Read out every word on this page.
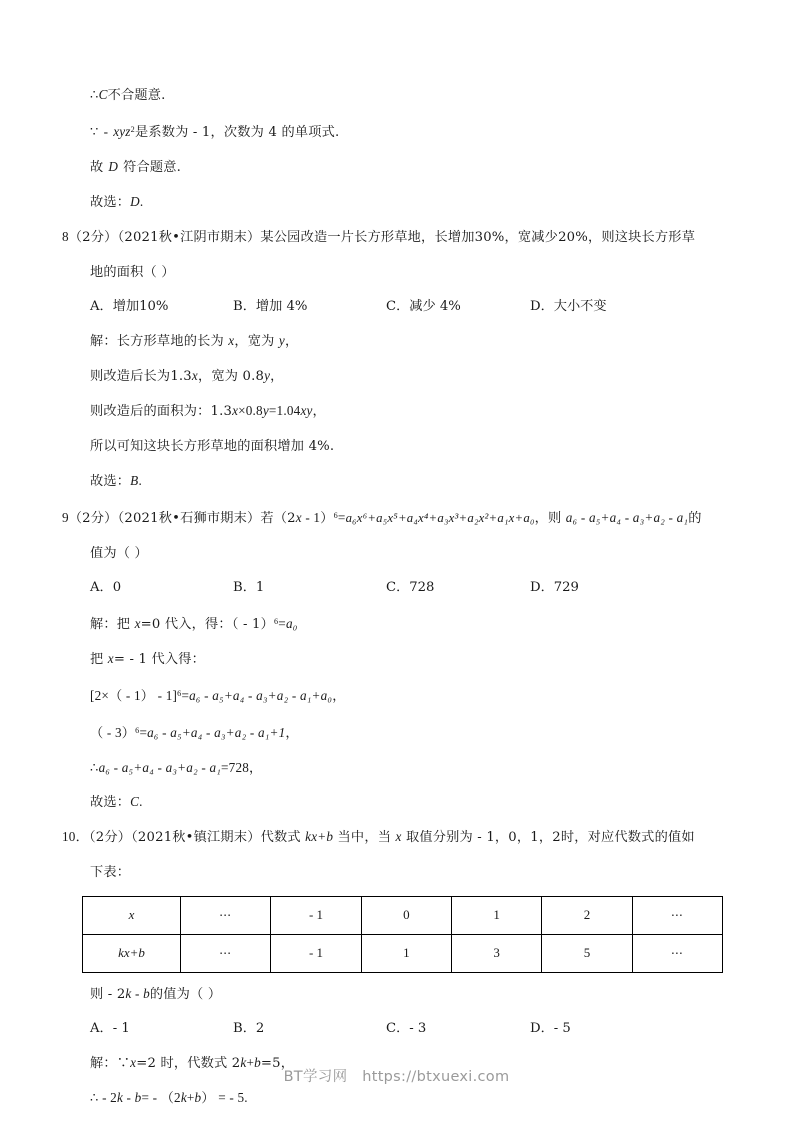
∴C不合题意.
∵ - xyz$^2$是系数为 - 1，次数为 4 的单项式.
故 D 符合题意.
故选：D.
8（2分）（2021秋•江阴市期末）某公园改造一片长方形草地，长增加30%，宽减少20%，则这块长方形草
地的面积（ ）
A．增加10%	B．增加 4%	C．减少 4%	D．大小不变
解：长方形草地的长为 x，宽为 y，
则改造后长为1.3x，宽为 0.8y，
则改造后的面积为：1.3x×0.8y=1.04xy，
所以可知这块长方形草地的面积增加 4%.
故选：B.
9（2分）（2021秋•石狮市期末）若（2x - 1）$^6$=a₆x⁶+a₅x⁵+a₄x⁴+a₃x³+a₂x²+a₁x+a₀，则 a₆ - a₅+a₄ - a₃+a₂ - a₁的
值为（ ）
A．0	B．1	C．728	D．729
解：把 x=0 代入，得：（ - 1）$^6$=a₀
把 x= - 1 代入得：
$[2\times( - 1) - 1]^6=a_6 - a_5+a_4 - a_3+a_2 - a_1+a_0$，
（ - 3）$^6$=a₆ - a₅+a₄ - a₃+a₂ - a₁+1，
∴a₆ - a₅+a₄ - a₃+a₂ - a₁=728，
故选：C.
10．（2分）（2021秋•镇江期末）代数式 kx+b 当中，当 x 取值分别为 - 1，0，1，2时，对应代数式的值如
下表：
x	⋯	- 1	0	1	2	⋯
kx+b	⋯	- 1	1	3	5	⋯
则 - 2k - b的值为（ ）
A．- 1	B．2	C．- 3	D．- 5
解：∵x=2 时，代数式 2k+b=5，
∴ - 2k - b= - （2k+b） = - 5.
BT学习网 https://btxuexi.com
